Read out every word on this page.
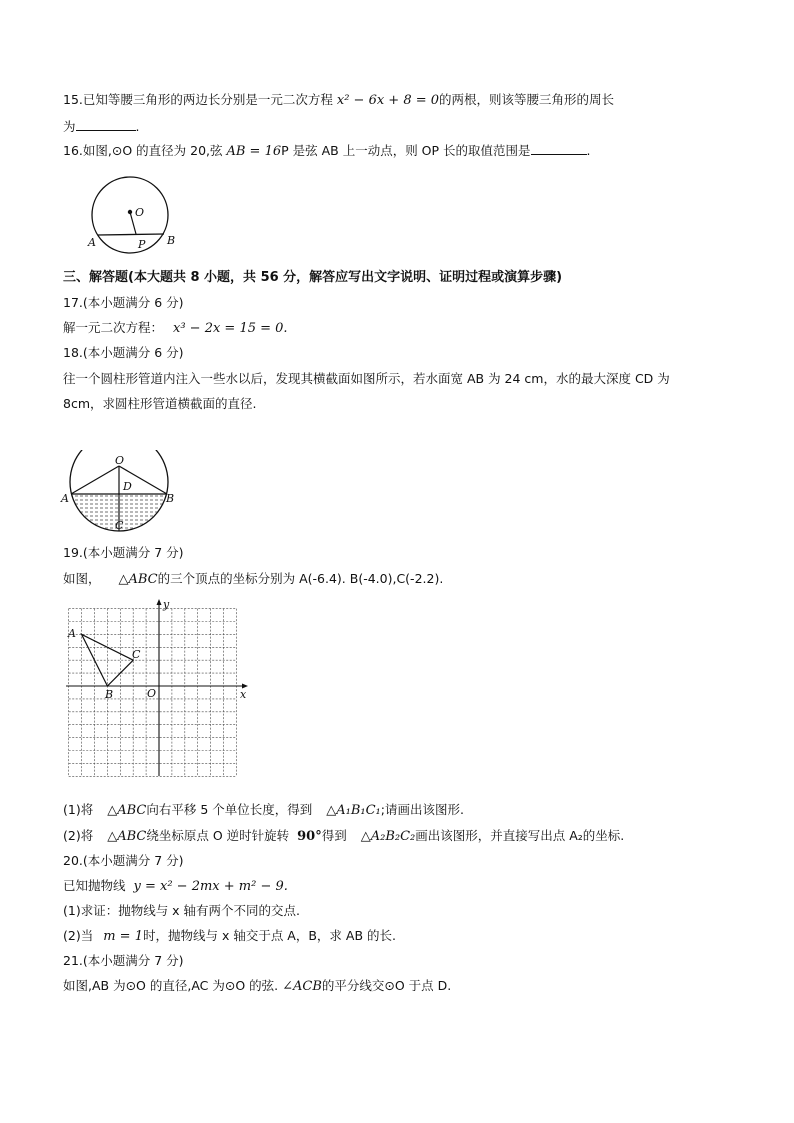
15.已知等腰三角形的两边长分别是一元二次方程 x² − 6x + 8 = 0的两根，则该等腰三角形的周长
为	.
16.如图,⊙O 的直径为 20,弦 AB = 16P 是弦 AB 上一动点，则 OP 长的取值范围是	.
O
A	P B
三、解答题(本大题共 8 小题，共 56 分，解答应写出文字说明、证明过程或演算步骤)
17.(本小题满分 6 分)
解一元二次方程： x³ − 2x = 15 = 0.
18.(本小题满分 6 分)
往一个圆柱形管道内注入一些水以后，发现其横截面如图所示，若水面宽 AB 为 24 cm，水的最大深度 CD 为
8cm，求圆柱形管道横截面的直径.
O
D
A	B
C
19.(本小题满分 7 分)
如图， △ABC的三个顶点的坐标分别为 A(-6.4). B(-4.0),C(-2.2).
y
x
A
B
C
O
(1)将 △ABC向右平移 5 个单位长度，得到 △A₁B₁C₁;请画出该图形.
(2)将 △ABC绕坐标原点 O 逆时针旋转 90°得到 △A₂B₂C₂画出该图形，并直接写出点 A₂的坐标.
20.(本小题满分 7 分)
已知抛物线 y = x² − 2mx + m² − 9.
(1)求证：抛物线与 x 轴有两个不同的交点.
(2)当 m = 1时，抛物线与 x 轴交于点 A，B，求 AB 的长.
21.(本小题满分 7 分)
如图,AB 为⊙O 的直径,AC 为⊙O 的弦. ∠ACB的平分线交⊙O 于点 D.
